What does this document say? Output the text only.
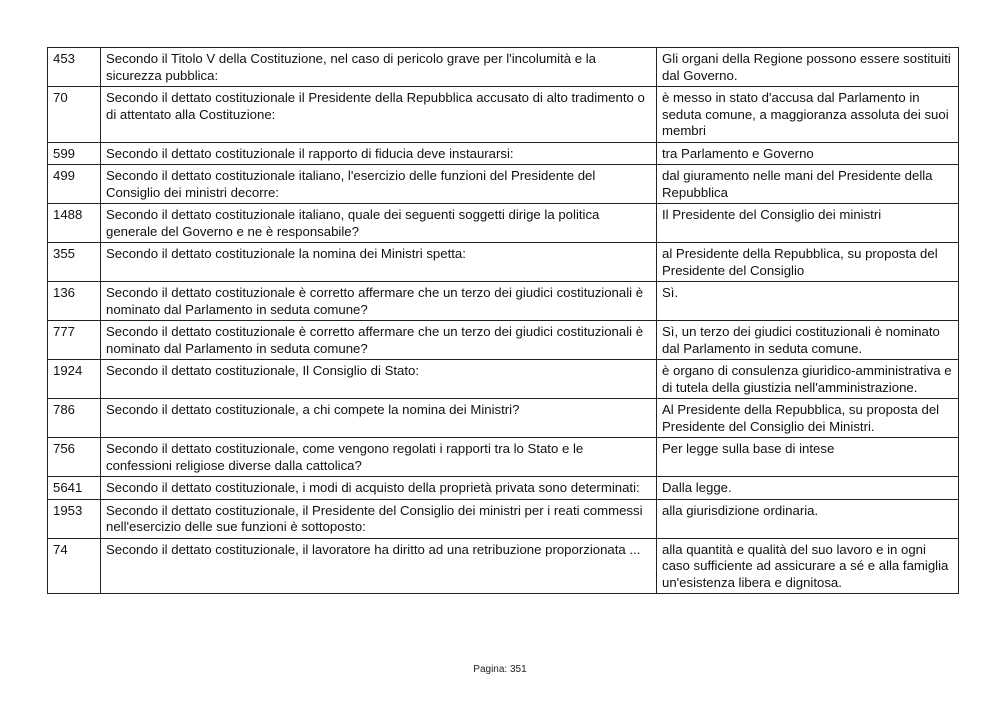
453	Secondo il Titolo V della Costituzione, nel caso di pericolo grave per l'incolumità e la sicurezza pubblica:	Gli organi della Regione possono essere sostituiti dal Governo.
70	Secondo il dettato costituzionale il Presidente della Repubblica accusato di alto tradimento o di attentato alla Costituzione:	è messo in stato d'accusa dal Parlamento in seduta comune, a maggioranza assoluta dei suoi membri
599	Secondo il dettato costituzionale il rapporto di fiducia deve instaurarsi:	tra Parlamento e Governo
499	Secondo il dettato costituzionale italiano, l'esercizio delle funzioni del Presidente del Consiglio dei ministri decorre:	dal giuramento nelle mani del Presidente della Repubblica
1488	Secondo il dettato costituzionale italiano, quale dei seguenti soggetti dirige la politica generale del Governo e ne è responsabile?	Il Presidente del Consiglio dei ministri
355	Secondo il dettato costituzionale la nomina dei Ministri spetta:	al Presidente della Repubblica, su proposta del Presidente del Consiglio
136	Secondo il dettato costituzionale è corretto affermare che un terzo dei giudici costituzionali è nominato dal Parlamento in seduta comune?	Sì.
777	Secondo il dettato costituzionale è corretto affermare che un terzo dei giudici costituzionali è nominato dal Parlamento in seduta comune?	Sì, un terzo dei giudici costituzionali è nominato dal Parlamento in seduta comune.
1924	Secondo il dettato costituzionale, Il Consiglio di Stato:	è organo di consulenza giuridico-amministrativa e di tutela della giustizia nell'amministrazione.
786	Secondo il dettato costituzionale, a chi compete la nomina dei Ministri?	Al Presidente della Repubblica, su proposta del Presidente del Consiglio dei Ministri.
756	Secondo il dettato costituzionale, come vengono regolati i rapporti tra lo Stato e le confessioni religiose diverse dalla cattolica?	Per legge sulla base di intese
5641	Secondo il dettato costituzionale, i modi di acquisto della proprietà privata sono determinati:	Dalla legge.
1953	Secondo il dettato costituzionale, il Presidente del Consiglio dei ministri per i reati commessi nell'esercizio delle sue funzioni è sottoposto:	alla giurisdizione ordinaria.
74	Secondo il dettato costituzionale, il lavoratore ha diritto ad una retribuzione proporzionata ...	alla quantità e qualità del suo lavoro e in ogni caso sufficiente ad assicurare a sé e alla famiglia un'esistenza libera e dignitosa.
Pagina: 351
